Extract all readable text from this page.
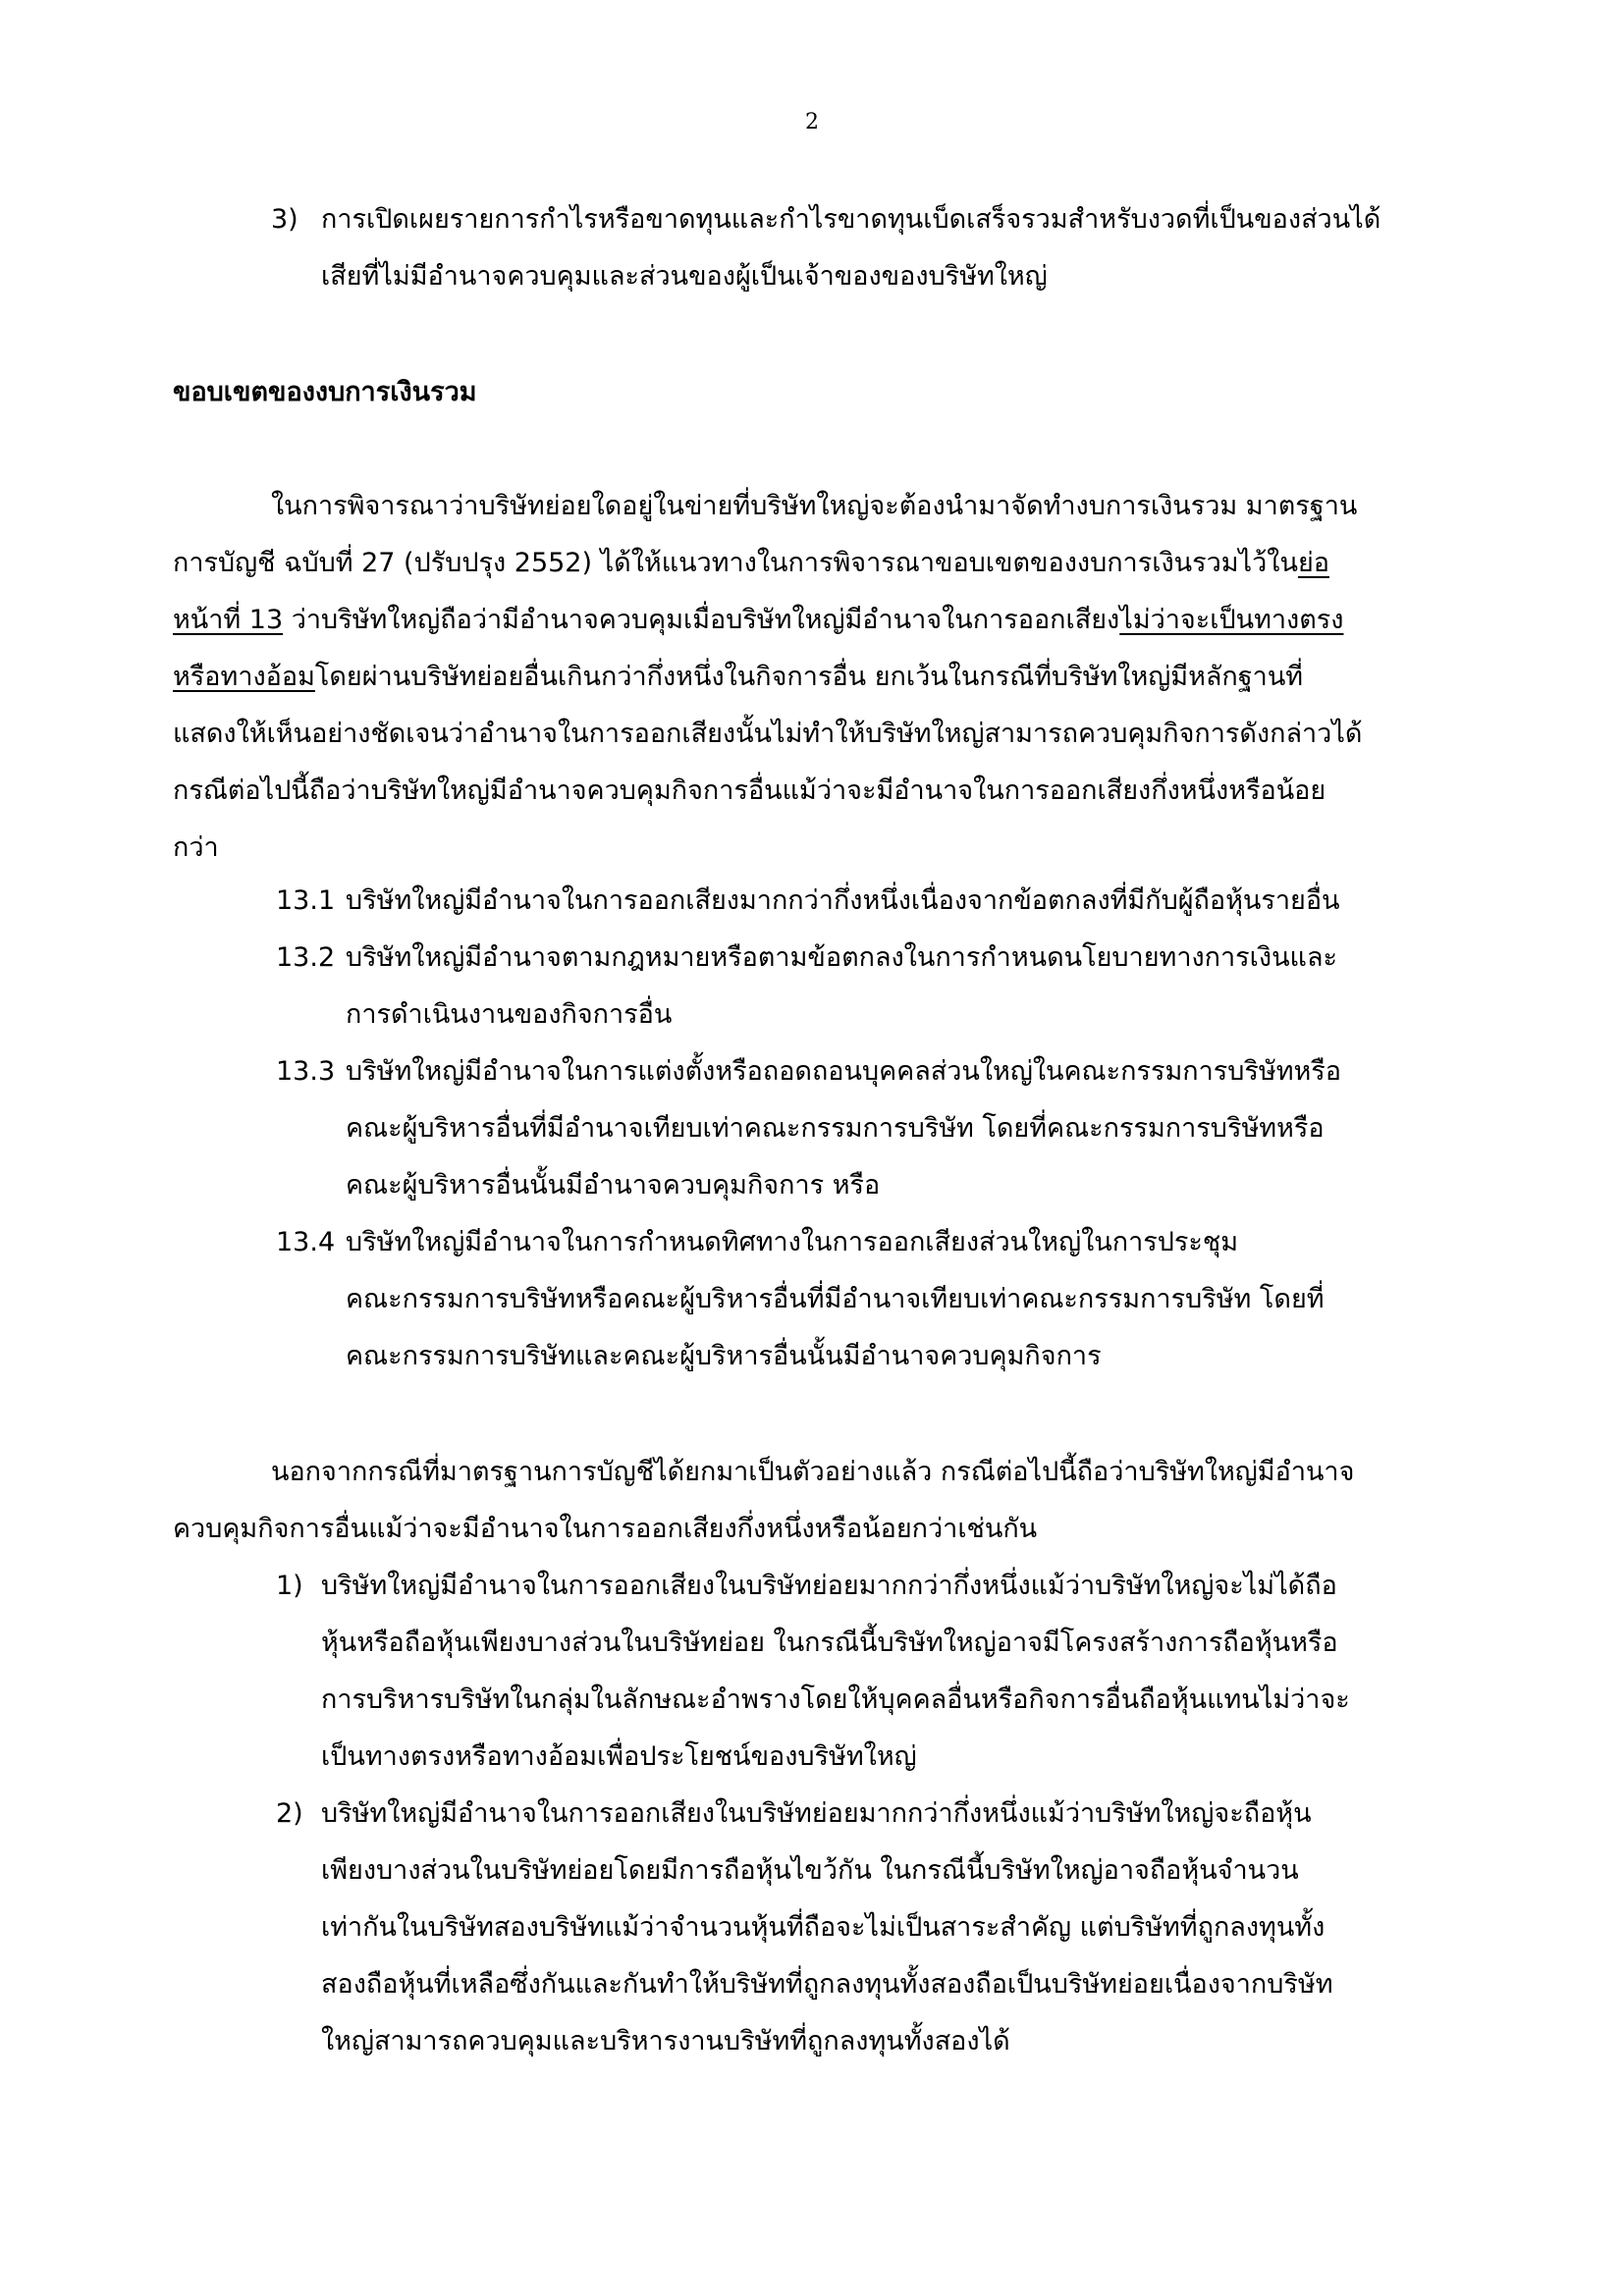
2
3) การเปิดเผยรายการกำไรหรือขาดทุนและกำไรขาดทุนเบ็ดเสร็จรวมสำหรับงวดที่เป็นของส่วนได้
เสียที่ไม่มีอำนาจควบคุมและส่วนของผู้เป็นเจ้าของของบริษัทใหญ่
ขอบเขตของงบการเงินรวม
ในการพิจารณาว่าบริษัทย่อยใดอยู่ในข่ายที่บริษัทใหญ่จะต้องนำมาจัดทำงบการเงินรวม มาตรฐาน
การบัญชี ฉบับที่ 27 (ปรับปรุง 2552) ได้ให้แนวทางในการพิจารณาขอบเขตของงบการเงินรวมไว้ในย่อ
หน้าที่ 13 ว่าบริษัทใหญ่ถือว่ามีอำนาจควบคุมเมื่อบริษัทใหญ่มีอำนาจในการออกเสียงไม่ว่าจะเป็นทางตรง
หรือทางอ้อมโดยผ่านบริษัทย่อยอื่นเกินกว่ากึ่งหนึ่งในกิจการอื่น ยกเว้นในกรณีที่บริษัทใหญ่มีหลักฐานที่
แสดงให้เห็นอย่างชัดเจนว่าอำนาจในการออกเสียงนั้นไม่ทำให้บริษัทใหญ่สามารถควบคุมกิจการดังกล่าวได้
กรณีต่อไปนี้ถือว่าบริษัทใหญ่มีอำนาจควบคุมกิจการอื่นแม้ว่าจะมีอำนาจในการออกเสียงกึ่งหนึ่งหรือน้อย
กว่า
13.1 บริษัทใหญ่มีอำนาจในการออกเสียงมากกว่ากึ่งหนึ่งเนื่องจากข้อตกลงที่มีกับผู้ถือหุ้นรายอื่น
13.2 บริษัทใหญ่มีอำนาจตามกฎหมายหรือตามข้อตกลงในการกำหนดนโยบายทางการเงินและ
การดำเนินงานของกิจการอื่น
13.3 บริษัทใหญ่มีอำนาจในการแต่งตั้งหรือถอดถอนบุคคลส่วนใหญ่ในคณะกรรมการบริษัทหรือ
คณะผู้บริหารอื่นที่มีอำนาจเทียบเท่าคณะกรรมการบริษัท โดยที่คณะกรรมการบริษัทหรือ
คณะผู้บริหารอื่นนั้นมีอำนาจควบคุมกิจการ หรือ
13.4 บริษัทใหญ่มีอำนาจในการกำหนดทิศทางในการออกเสียงส่วนใหญ่ในการประชุม
คณะกรรมการบริษัทหรือคณะผู้บริหารอื่นที่มีอำนาจเทียบเท่าคณะกรรมการบริษัท โดยที่
คณะกรรมการบริษัทและคณะผู้บริหารอื่นนั้นมีอำนาจควบคุมกิจการ
นอกจากกรณีที่มาตรฐานการบัญชีได้ยกมาเป็นตัวอย่างแล้ว กรณีต่อไปนี้ถือว่าบริษัทใหญ่มีอำนาจ
ควบคุมกิจการอื่นแม้ว่าจะมีอำนาจในการออกเสียงกึ่งหนึ่งหรือน้อยกว่าเช่นกัน
1) บริษัทใหญ่มีอำนาจในการออกเสียงในบริษัทย่อยมากกว่ากึ่งหนึ่งแม้ว่าบริษัทใหญ่จะไม่ได้ถือ
หุ้นหรือถือหุ้นเพียงบางส่วนในบริษัทย่อย ในกรณีนี้บริษัทใหญ่อาจมีโครงสร้างการถือหุ้นหรือ
การบริหารบริษัทในกลุ่มในลักษณะอำพรางโดยให้บุคคลอื่นหรือกิจการอื่นถือหุ้นแทนไม่ว่าจะ
เป็นทางตรงหรือทางอ้อมเพื่อประโยชน์ของบริษัทใหญ่
2) บริษัทใหญ่มีอำนาจในการออกเสียงในบริษัทย่อยมากกว่ากึ่งหนึ่งแม้ว่าบริษัทใหญ่จะถือหุ้น
เพียงบางส่วนในบริษัทย่อยโดยมีการถือหุ้นไขว้กัน ในกรณีนี้บริษัทใหญ่อาจถือหุ้นจำนวน
เท่ากันในบริษัทสองบริษัทแม้ว่าจำนวนหุ้นที่ถือจะไม่เป็นสาระสำคัญ แต่บริษัทที่ถูกลงทุนทั้ง
สองถือหุ้นที่เหลือซึ่งกันและกันทำให้บริษัทที่ถูกลงทุนทั้งสองถือเป็นบริษัทย่อยเนื่องจากบริษัท
ใหญ่สามารถควบคุมและบริหารงานบริษัทที่ถูกลงทุนทั้งสองได้
